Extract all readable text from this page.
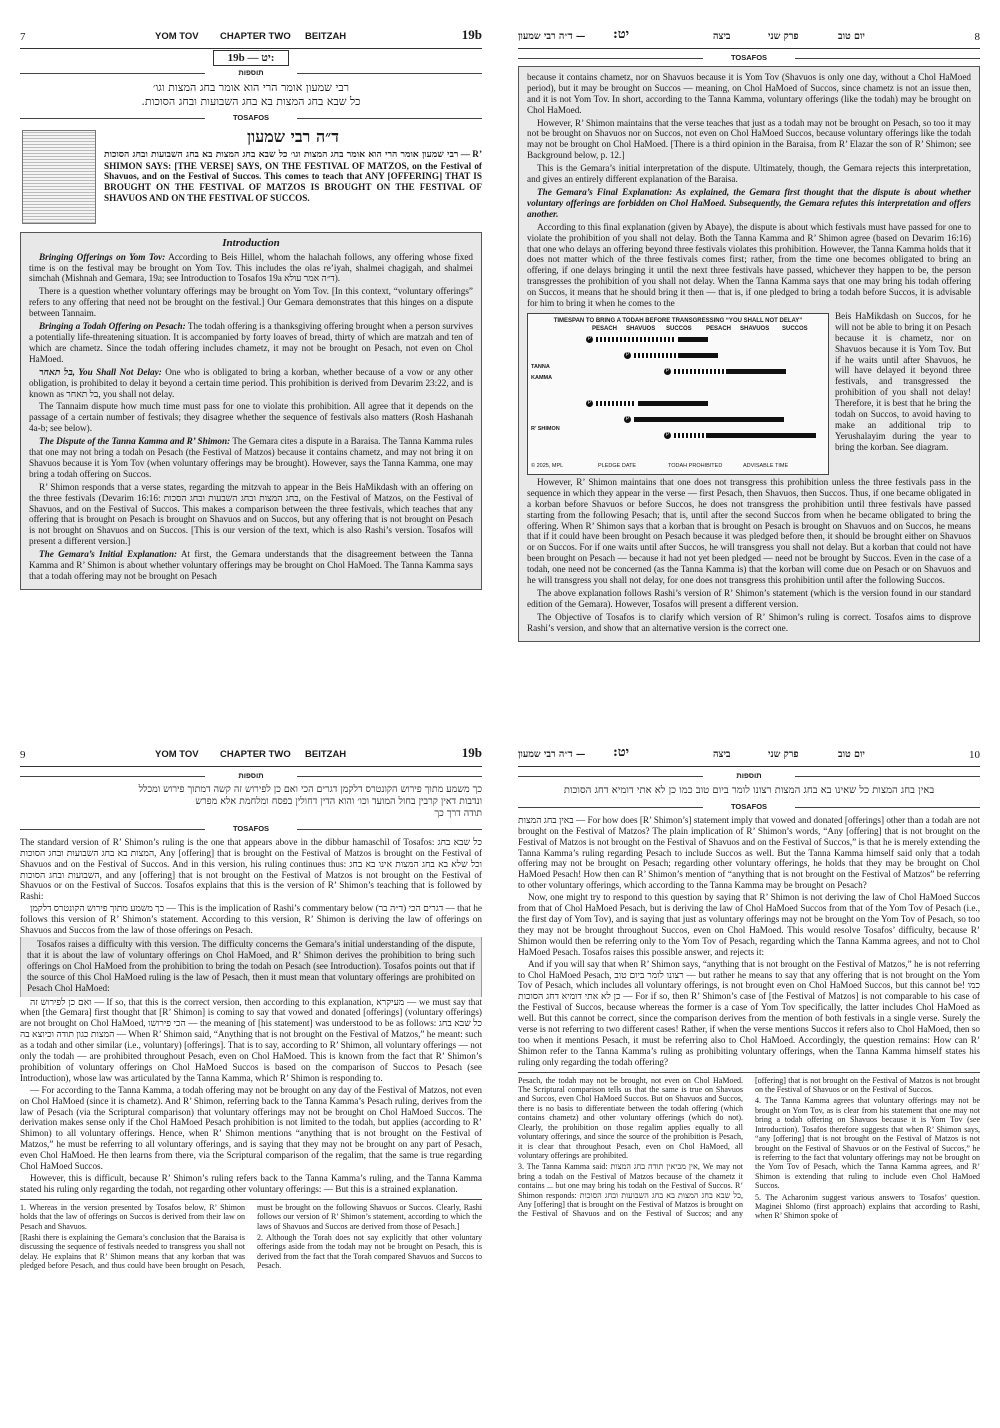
7	YOM TOV CHAPTER TWO BEITZAH	19b
19b — יט:
תוספות
רבי שמעון אומר הרי הוא אומר בחג המצות וגו׳
כל שבא בחג המצות בא בחג השבועות ובחג הסוכות.
TOSAFOS
ד״ה רבי שמעון

רבי שמעון אומר הרי הוא אומר בחג המצות וגו׳ כל שבא בחג המצות בא בחג השבועות ובחג הסוכות — R’ SHIMON SAYS: [THE VERSE] SAYS, ON THE FESTIVAL OF MATZOS, on the Festival of Shavuos, and on the Festival of Succos. This comes to teach that ANY [OFFERING] THAT IS BROUGHT ON THE FESTIVAL OF MATZOS IS BROUGHT ON THE FESTIVAL OF SHAVUOS AND ON THE FESTIVAL OF SUCCOS.

Introduction

Bringing Offerings on Yom Tov: According to Beis Hillel, whom the halachah follows, any offering whose fixed time is on the festival may be brought on Yom Tov. This includes the olas re’iyah, shalmei chagigah, and shalmei simchah (Mishnah and Gemara, 19a; see Introduction to Tosafos 19a ד״ה אמר עולא).

There is a question whether voluntary offerings may be brought on Yom Tov. [In this context, “voluntary offerings” refers to any offering that need not be brought on the festival.] Our Gemara demonstrates that this hinges on a dispute between Tannaim.

Bringing a Todah Offering on Pesach: The todah offering is a thanksgiving offering brought when a person survives a potentially life-threatening situation. It is accompanied by forty loaves of bread, thirty of which are matzah and ten of which are chametz. Since the todah offering includes chametz, it may not be brought on Pesach, not even on Chol HaMoed.

בל תאחר, You Shall Not Delay: One who is obligated to bring a korban, whether because of a vow or any other obligation, is prohibited to delay it beyond a certain time period. This prohibition is derived from Devarim 23:22, and is known as בל תאחר, you shall not delay.

The Tannaim dispute how much time must pass for one to violate this prohibition. All agree that it depends on the passage of a certain number of festivals; they disagree whether the sequence of festivals also matters (Rosh Hashanah 4a-b; see below).

The Dispute of the Tanna Kamma and R’ Shimon: The Gemara cites a dispute in a Baraisa. The Tanna Kamma rules that one may not bring a todah on Pesach (the Festival of Matzos) because it contains chametz, and may not bring it on Shavuos because it is Yom Tov (when voluntary offerings may be brought). However, says the Tanna Kamma, one may bring a todah offering on Succos.

R’ Shimon responds that a verse states, regarding the mitzvah to appear in the Beis HaMikdash with an offering on the three festivals (Devarim 16:16: בחג המצות ובחג השבעות ובחג הסכות, on the Festival of Matzos, on the Festival of Shavuos, and on the Festival of Succos. This makes a comparison between the three festivals, which teaches that any offering that is brought on Pesach is brought on Shavuos and on Succos, but any offering that is not brought on Pesach is not brought on Shavuos and on Succos. [This is our version of the text, which is also Rashi’s version. Tosafos will present a different version.]

The Gemara’s Initial Explanation: At first, the Gemara understands that the disagreement between the Tanna Kamma and R’ Shimon is about whether voluntary offerings may be brought on Chol HaMoed. The Tanna Kamma says that a todah offering may not be brought on Pesach

— ד״ה רבי שמעון יט:	ביצה	פרק שני	יום טוב	8
TOSAFOS

because it contains chametz, nor on Shavuos because it is Yom Tov (Shavuos is only one day, without a Chol HaMoed period), but it may be brought on Succos — meaning, on Chol HaMoed of Succos, since chametz is not an issue then, and it is not Yom Tov. In short, according to the Tanna Kamma, voluntary offerings (like the todah) may be brought on Chol HaMoed.

However, R’ Shimon maintains that the verse teaches that just as a todah may not be brought on Pesach, so too it may not be brought on Shavuos nor on Succos, not even on Chol HaMoed Succos, because voluntary offerings like the todah may not be brought on Chol HaMoed. [There is a third opinion in the Baraisa, from R’ Elazar the son of R’ Shimon; see Background below, p. 12.]

This is the Gemara’s initial interpretation of the dispute. Ultimately, though, the Gemara rejects this interpretation, and gives an entirely different explanation of the Baraisa.

The Gemara’s Final Explanation: As explained, the Gemara first thought that the dispute is about whether voluntary offerings are forbidden on Chol HaMoed. Subsequently, the Gemara refutes this interpretation and offers another.

According to this final explanation (given by Abaye), the dispute is about which festivals must have passed for one to violate the prohibition of you shall not delay. Both the Tanna Kamma and R’ Shimon agree (based on Devarim 16:16) that one who delays an offering beyond three festivals violates this prohibition. However, the Tanna Kamma holds that it does not matter which of the three festivals comes first; rather, from the time one becomes obligated to bring an offering, if one delays bringing it until the next three festivals have passed, whichever they happen to be, the person transgresses the prohibition of you shall not delay. When the Tanna Kamma says that one may bring his todah offering on Succos, it means that he should bring it then — that is, if one pledged to bring a todah before Succos, it is advisable for him to bring it when he comes to the

TIMESPAN TO BRING A TODAH BEFORE TRANSGRESSING “YOU SHALL NOT DELAY”
PESACH SHAVUOS SUCCOS PESACH SHAVUOS SUCCOS
TANNA KAMMA
R’ SHIMON
P
P
P
P
P
P
© 2025, MPL	PLEDGE DATE	TODAH PROHIBITED	ADVISABLE TIME

Beis HaMikdash on Succos, for he will not be able to bring it on Pesach because it is chametz, nor on Shavuos because it is Yom Tov. But if he waits until after Shavuos, he will have delayed it beyond three festivals, and transgressed the prohibition of you shall not delay! Therefore, it is best that he bring the todah on Succos, to avoid having to make an additional trip to Yerushalayim during the year to bring the korban. See diagram.

However, R’ Shimon maintains that one does not transgress this prohibition unless the three festivals pass in the sequence in which they appear in the verse — first Pesach, then Shavuos, then Succos. Thus, if one became obligated in a korban before Shavuos or before Succos, he does not transgress the prohibition until three festivals have passed starting from the following Pesach; that is, until after the second Succos from when he became obligated to bring the offering. When R’ Shimon says that a korban that is brought on Pesach is brought on Shavuos and on Succos, he means that if it could have been brought on Pesach because it was pledged before then, it should be brought either on Shavuos or on Succos. For if one waits until after Succos, he will transgress you shall not delay. But a korban that could not have been brought on Pesach — because it had not yet been pledged — need not be brought by Succos. Even in the case of a todah, one need not be concerned (as the Tanna Kamma is) that the korban will come due on Pesach or on Shavuos and he will transgress you shall not delay, for one does not transgress this prohibition until after the following Succos.

The above explanation follows Rashi’s version of R’ Shimon’s statement (which is the version found in our standard edition of the Gemara). However, Tosafos will present a different version.

The Objective of Tosafos is to clarify which version of R’ Shimon’s ruling is correct. Tosafos aims to disprove Rashi’s version, and show that an alternative version is the correct one.

9	YOM TOV CHAPTER TWO BEITZAH	19b
תוספות
כך משמע מתוך פירוש הקונטרס דלקמן דגרים הכי ואם כן לפירוש זה קשה דמתוך פירוש ומכלל
ונדבות דאין קרבין בחול המועד וכו׳ והוא הדין דחולין בפסח ומלחמת אלא מפרש
תודה דרך כך
TOSAFOS

The standard version of R’ Shimon’s ruling is the one that appears above in the dibbur hamaschil of Tosafos: כל שבא בחג המצות בא בחג השבועות ובחג הסוכות, Any [offering] that is brought on the Festival of Matzos is brought on the Festival of Shavuos and on the Festival of Succos. And in this version, his ruling continues thus: וכל שלא בא בחג המצות אינו בא בחג השבועות ובחג הסוכות, and any [offering] that is not brought on the Festival of Matzos is not brought on the Festival of Shavuos or on the Festival of Succos. Tosafos explains that this is the version of R’ Shimon’s teaching that is followed by Rashi:

כך משמע מתוך פירוש הקונטרס דלקמן — This is the implication of Rashi’s commentary below (ד״ה בר) דגרים הכי — that he follows this version of R’ Shimon’s statement. According to this version, R’ Shimon is deriving the law of offerings on Shavuos and Succos from the law of those offerings on Pesach.

Tosafos raises a difficulty with this version. The difficulty concerns the Gemara’s initial understanding of the dispute, that it is about the law of voluntary offerings on Chol HaMoed, and R’ Shimon derives the prohibition to bring such offerings on Chol HaMoed from the prohibition to bring the todah on Pesach (see Introduction). Tosafos points out that if the source of this Chol HaMoed ruling is the law of Pesach, then it must mean that voluntary offerings are prohibited on Pesach Chol HaMoed:

ואם כן לפירוש זה — If so, that this is the correct version, then according to this explanation, מעיקרא — we must say that when [the Gemara] first thought that [R’ Shimon] is coming to say that vowed and donated [offerings] (voluntary offerings) are not brought on Chol HaMoed, הכי פירושו — the meaning of [his statement] was understood to be as follows: כל שבא בחג המצות כגון תודה וכיוצא בה — When R’ Shimon said, “Anything that is not brought on the Festival of Matzos,” he meant: such as a todah and other similar (i.e., voluntary) [offerings]. That is to say, according to R’ Shimon, all voluntary offerings — not only the todah — are prohibited throughout Pesach, even on Chol HaMoed. This is known from the fact that R’ Shimon’s prohibition of voluntary offerings on Chol HaMoed Succos is based on the comparison of Succos to Pesach (see Introduction), whose law was articulated by the Tanna Kamma, which R’ Shimon is responding to.

— For according to the Tanna Kamma, a todah offering may not be brought on any day of the Festival of Matzos, not even on Chol HaMoed (since it is chametz). And R’ Shimon, referring back to the Tanna Kamma’s Pesach ruling, derives from the law of Pesach (via the Scriptural comparison) that voluntary offerings may not be brought on Chol HaMoed Succos. The derivation makes sense only if the Chol HaMoed Pesach prohibition is not limited to the todah, but applies (according to R’ Shimon) to all voluntary offerings. Hence, when R’ Shimon mentions “anything that is not brought on the Festival of Matzos,” he must be referring to all voluntary offerings, and is saying that they may not be brought on any part of Pesach, even Chol HaMoed. He then learns from there, via the Scriptural comparison of the regalim, that the same is true regarding Chol HaMoed Succos.

However, this is difficult, because R’ Shimon’s ruling refers back to the Tanna Kamma’s ruling, and the Tanna Kamma stated his ruling only regarding the todah, not regarding other voluntary offerings: — But this is a strained explanation.

1. Whereas in the version presented by Tosafos below, R’ Shimon holds that the law of offerings on Succos is derived from their law on Pesach and Shavuos.

[Rashi there is explaining the Gemara’s conclusion that the Baraisa is discussing the sequence of festivals needed to transgress you shall not delay. He explains that R’ Shimon means that any korban that was pledged before Pesach, and thus could have been brought on Pesach, must be brought on the following Shavuos or Succos. Clearly, Rashi follows our version of R’ Shimon’s statement, according to which the laws of Shavuos and Succos are derived from those of Pesach.]

2. Although the Torah does not say explicitly that other voluntary offerings aside from the todah may not be brought on Pesach, this is derived from the fact that the Torah compared Shavuos and Succos to Pesach.

— ד״ה רבי שמעון יט:	ביצה	פרק שני	יום טוב	10
תוספות
באין בחג המצות כל שאינו בא בחג המצות רצונו לומר ביום טוב כמו כן לא אתי דומיא דחג הסוכות
TOSAFOS

באין בחג המצות — For how does [R’ Shimon’s] statement imply that vowed and donated [offerings] other than a todah are not brought on the Festival of Matzos? The plain implication of R’ Shimon’s words, “Any [offering] that is not brought on the Festival of Matzos is not brought on the Festival of Shavuos and on the Festival of Succos,” is that he is merely extending the Tanna Kamma’s ruling regarding Pesach to include Succos as well. But the Tanna Kamma himself said only that a todah offering may not be brought on Pesach; regarding other voluntary offerings, he holds that they may be brought on Chol HaMoed Pesach! How then can R’ Shimon’s mention of “anything that is not brought on the Festival of Matzos” be referring to other voluntary offerings, which according to the Tanna Kamma may be brought on Pesach?

Now, one might try to respond to this question by saying that R’ Shimon is not deriving the law of Chol HaMoed Succos from that of Chol HaMoed Pesach, but is deriving the law of Chol HaMoed Succos from that of the Yom Tov of Pesach (i.e., the first day of Yom Tov), and is saying that just as voluntary offerings may not be brought on the Yom Tov of Pesach, so too they may not be brought throughout Succos, even on Chol HaMoed. This would resolve Tosafos’ difficulty, because R’ Shimon would then be referring only to the Yom Tov of Pesach, regarding which the Tanna Kamma agrees, and not to Chol HaMoed Pesach. Tosafos raises this possible answer, and rejects it:

And if you will say that when R’ Shimon says, “anything that is not brought on the Festival of Matzos,” he is not referring to Chol HaMoed Pesach, רצונו לומר ביום טוב — but rather he means to say that any offering that is not brought on the Yom Tov of Pesach, which includes all voluntary offerings, is not brought even on Chol HaMoed Succos, but this cannot be! כמו כן לא אתי דומיא דחג הסוכות — For if so, then R’ Shimon’s case of [the Festival of Matzos] is not comparable to his case of the Festival of Succos, because whereas the former is a case of Yom Tov specifically, the latter includes Chol HaMoed as well. But this cannot be correct, since the comparison derives from the mention of both festivals in a single verse. Surely the verse is not referring to two different cases! Rather, if when the verse mentions Succos it refers also to Chol HaMoed, then so too when it mentions Pesach, it must be referring also to Chol HaMoed. Accordingly, the question remains: How can R’ Shimon refer to the Tanna Kamma’s ruling as prohibiting voluntary offerings, when the Tanna Kamma himself states his ruling only regarding the todah offering?

Pesach, the todah may not be brought, not even on Chol HaMoed. The Scriptural comparison tells us that the same is true on Shavuos and Succos, even Chol HaMoed Succos. But on Shavuos and Succos, there is no basis to differentiate between the todah offering (which contains chametz) and other voluntary offerings (which do not). Clearly, the prohibition on those regalim applies equally to all voluntary offerings, and since the source of the prohibition is Pesach, it is clear that throughout Pesach, even on Chol HaMoed, all voluntary offerings are prohibited.

3. The Tanna Kamma said: אין מביאין תודה בחג המצות, We may not bring a todah on the Festival of Matzos because of the chametz it contains ... but one may bring his todah on the Festival of Succos. R’ Shimon responds: כל שבא בחג המצות בא בחג השבועות ובחג הסוכות, Any [offering] that is brought on the Festival of Matzos is brought on the Festival of Shavuos and on the Festival of Succos; and any [offering] that is not brought on the Festival of Matzos is not brought on the Festival of Shavuos or on the Festival of Succos.

4. The Tanna Kamma agrees that voluntary offerings may not be brought on Yom Tov, as is clear from his statement that one may not bring a todah offering on Shavuos because it is Yom Tov (see Introduction). Tosafos therefore suggests that when R’ Shimon says, “any [offering] that is not brought on the Festival of Matzos is not brought on the Festival of Shavuos or on the Festival of Succos,” he is referring to the fact that voluntary offerings may not be brought on the Yom Tov of Pesach, which the Tanna Kamma agrees, and R’ Shimon is extending that ruling to include even Chol HaMoed Succos.

5. The Acharonim suggest various answers to Tosafos’ question. Maginei Shlomo (first approach) explains that according to Rashi, when R’ Shimon spoke of
